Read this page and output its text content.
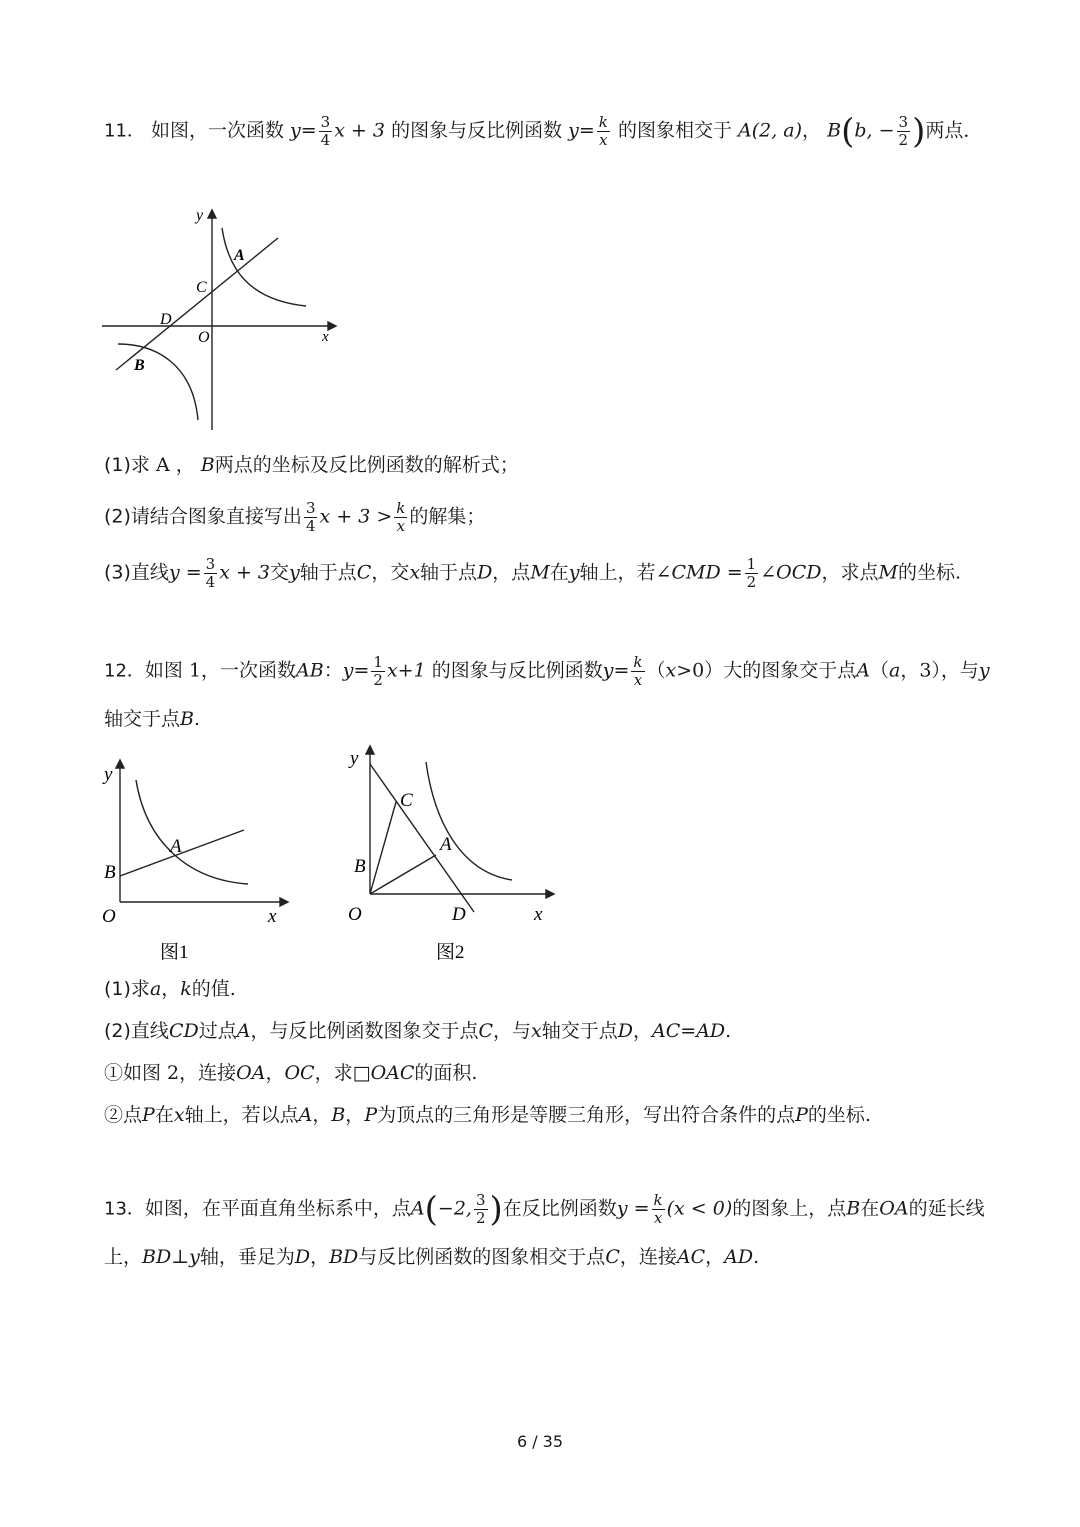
11． 如图，一次函数 $y= \frac{3}{4}$ x + 3 的图象与反比例函数 $y= \frac{k}{x}$ 的图象相交于 A(2, a)， B(b, − $\frac{3}{2}$ )两点．
y
x
A
C
D
O
B
(1)求 A ， B两点的坐标及反比例函数的解析式；
(2)请结合图象直接写出 $\frac{3}{4}$ $x + 3 > \frac{k}{x}$ 的解集；
(3)直线$y = \frac{3}{4}$ x + 3交y轴于点C，交x轴于点D，点M在y轴上，若∠CMD = $\frac{1}{2}$ ∠OCD，求点M的坐标.
12．如图 1，一次函数AB：$y= \frac{1}{2} x+1$ 的图象与反比例函数$y= \frac{k}{x} (x>0)$大的图象交于点A（a，3），与y
轴交于点B.
y
x
O
A
B
图1
y
x
O
A
B
C
D
图2
(1)求a，k的值.
(2)直线CD过点A，与反比例函数图象交于点C，与x轴交于点D，AC=AD.
①如图 2，连接OA，OC，求□OAC的面积.
②点P在x轴上，若以点A，B，P为顶点的三角形是等腰三角形，写出符合条件的点P的坐标.
13．如图，在平面直角坐标系中，点A(−2, $\frac{3}{2}$ )在反比例函数$y = \frac{k}{x} (x < 0)$的图象上，点B在OA的延长线
上，BD⊥y轴，垂足为D，BD与反比例函数的图象相交于点C，连接AC，AD.
6 / 35
